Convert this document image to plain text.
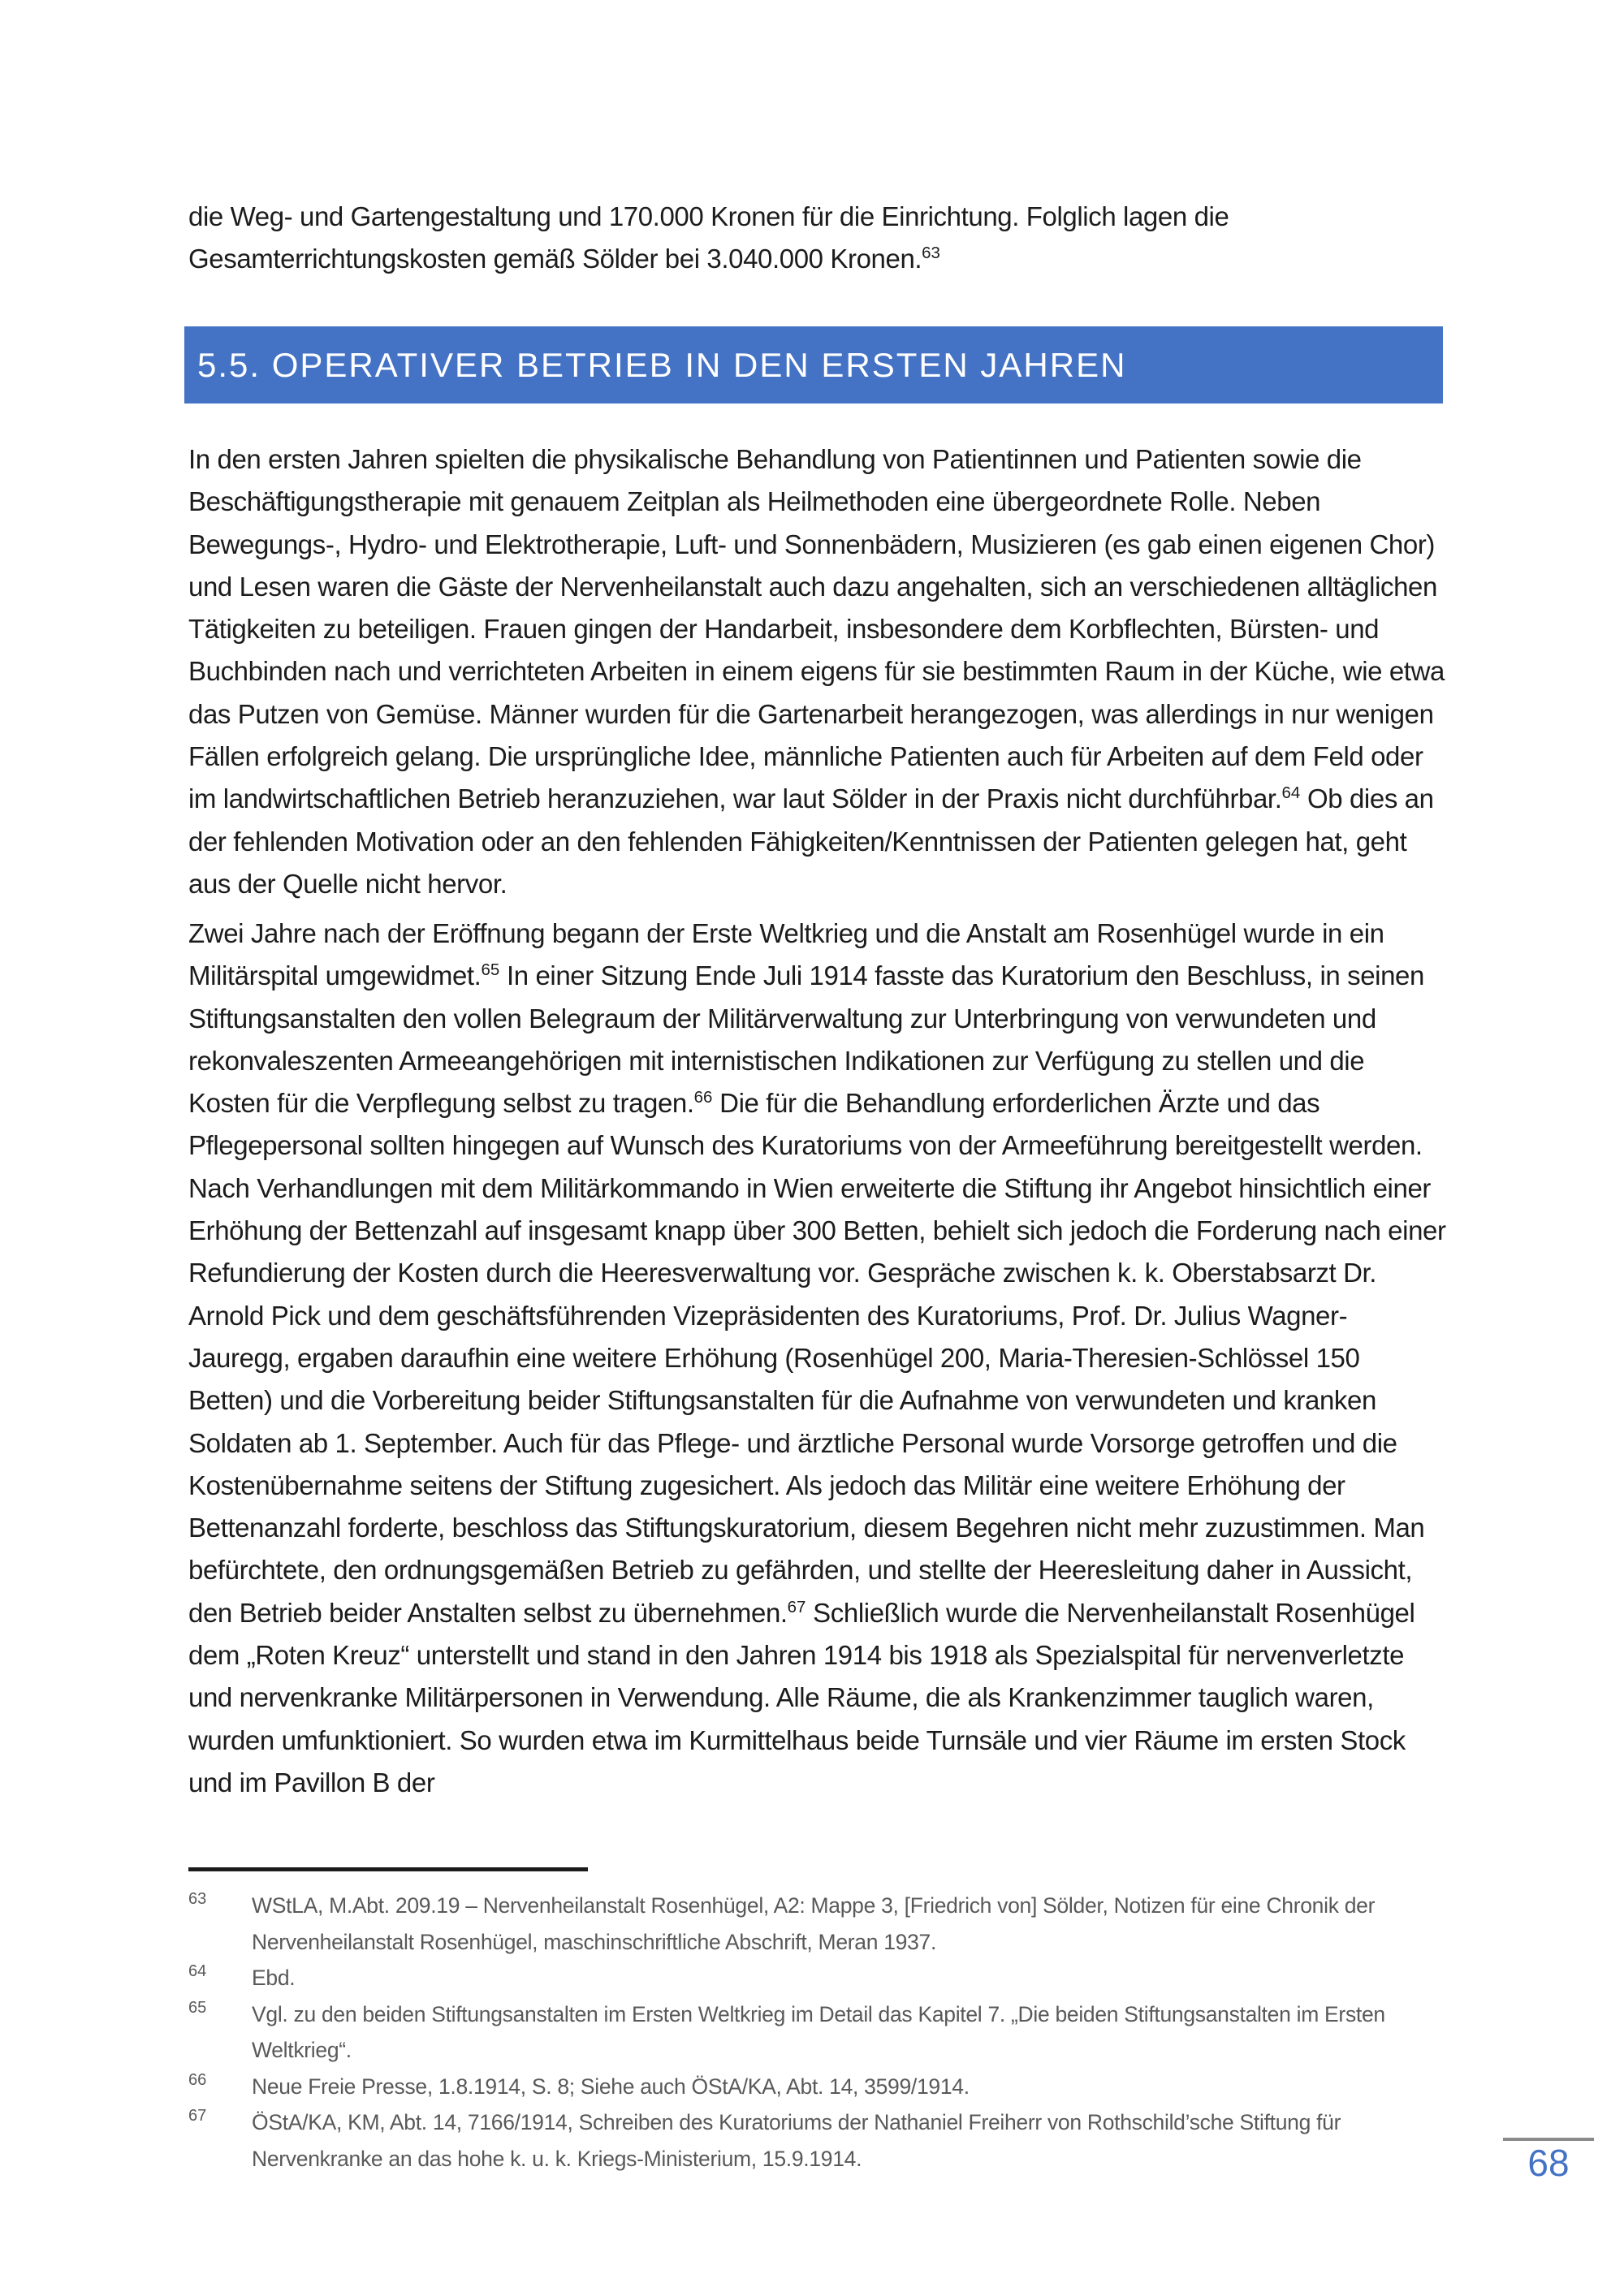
die Weg- und Gartengestaltung und 170.000 Kronen für die Einrichtung. Folglich lagen die Gesamterrichtungskosten gemäß Sölder bei 3.040.000 Kronen.$^{63}$

5.5. OPERATIVER BETRIEB IN DEN ERSTEN JAHREN

In den ersten Jahren spielten die physikalische Behandlung von Patientinnen und Patienten sowie die Beschäftigungstherapie mit genauem Zeitplan als Heilmethoden eine übergeordnete Rolle. Neben Bewegungs-, Hydro- und Elektrotherapie, Luft- und Sonnenbädern, Musizieren (es gab einen eigenen Chor) und Lesen waren die Gäste der Nervenheilanstalt auch dazu angehalten, sich an verschiedenen alltäglichen Tätigkeiten zu beteiligen. Frauen gingen der Handarbeit, insbesondere dem Korbflechten, Bürsten- und Buchbinden nach und verrichteten Arbeiten in einem eigens für sie bestimmten Raum in der Küche, wie etwa das Putzen von Gemüse. Männer wurden für die Gartenarbeit herangezogen, was allerdings in nur wenigen Fällen erfolgreich gelang. Die ursprüngliche Idee, männliche Patienten auch für Arbeiten auf dem Feld oder im landwirtschaftlichen Betrieb heranzuziehen, war laut Sölder in der Praxis nicht durchführbar.$^{64}$ Ob dies an der fehlenden Motivation oder an den fehlenden Fähigkeiten/Kenntnissen der Patienten gelegen hat, geht aus der Quelle nicht hervor.

Zwei Jahre nach der Eröffnung begann der Erste Weltkrieg und die Anstalt am Rosenhügel wurde in ein Militärspital umgewidmet.$^{65}$ In einer Sitzung Ende Juli 1914 fasste das Kuratorium den Beschluss, in seinen Stiftungsanstalten den vollen Belegraum der Militärverwaltung zur Unterbringung von verwundeten und rekonvaleszenten Armeeangehörigen mit internistischen Indikationen zur Verfügung zu stellen und die Kosten für die Verpflegung selbst zu tragen.$^{66}$ Die für die Behandlung erforderlichen Ärzte und das Pflegepersonal sollten hingegen auf Wunsch des Kuratoriums von der Armeeführung bereitgestellt werden. Nach Verhandlungen mit dem Militärkommando in Wien erweiterte die Stiftung ihr Angebot hinsichtlich einer Erhöhung der Bettenzahl auf insgesamt knapp über 300 Betten, behielt sich jedoch die Forderung nach einer Refundierung der Kosten durch die Heeresverwaltung vor. Gespräche zwischen k. k. Oberstabsarzt Dr. Arnold Pick und dem geschäftsführenden Vizepräsidenten des Kuratoriums, Prof. Dr. Julius Wagner-Jauregg, ergaben daraufhin eine weitere Erhöhung (Rosenhügel 200, Maria-Theresien-Schlössel 150 Betten) und die Vorbereitung beider Stiftungsanstalten für die Aufnahme von verwundeten und kranken Soldaten ab 1. September. Auch für das Pflege- und ärztliche Personal wurde Vorsorge getroffen und die Kostenübernahme seitens der Stiftung zugesichert. Als jedoch das Militär eine weitere Erhöhung der Bettenanzahl forderte, beschloss das Stiftungskuratorium, diesem Begehren nicht mehr zuzustimmen. Man befürchtete, den ordnungsgemäßen Betrieb zu gefährden, und stellte der Heeresleitung daher in Aussicht, den Betrieb beider Anstalten selbst zu übernehmen.$^{67}$ Schließlich wurde die Nervenheilanstalt Rosenhügel dem „Roten Kreuz“ unterstellt und stand in den Jahren 1914 bis 1918 als Spezialspital für nervenverletzte und nervenkranke Militärpersonen in Verwendung. Alle Räume, die als Krankenzimmer tauglich waren, wurden umfunktioniert. So wurden etwa im Kurmittelhaus beide Turnsäle und vier Räume im ersten Stock und im Pavillon B der

63	WStLA, M.Abt. 209.19 – Nervenheilanstalt Rosenhügel, A2: Mappe 3, [Friedrich von] Sölder, Notizen für eine Chronik der Nervenheilanstalt Rosenhügel, maschinschriftliche Abschrift, Meran 1937.
64	Ebd.
65	Vgl. zu den beiden Stiftungsanstalten im Ersten Weltkrieg im Detail das Kapitel 7. „Die beiden Stiftungsanstalten im Ersten Weltkrieg“.
66	Neue Freie Presse, 1.8.1914, S. 8; Siehe auch ÖStA/KA, Abt. 14, 3599/1914.
67	ÖStA/KA, KM, Abt. 14, 7166/1914, Schreiben des Kuratoriums der Nathaniel Freiherr von Rothschild’sche Stiftung für Nervenkranke an das hohe k. u. k. Kriegs-Ministerium, 15.9.1914.	68
